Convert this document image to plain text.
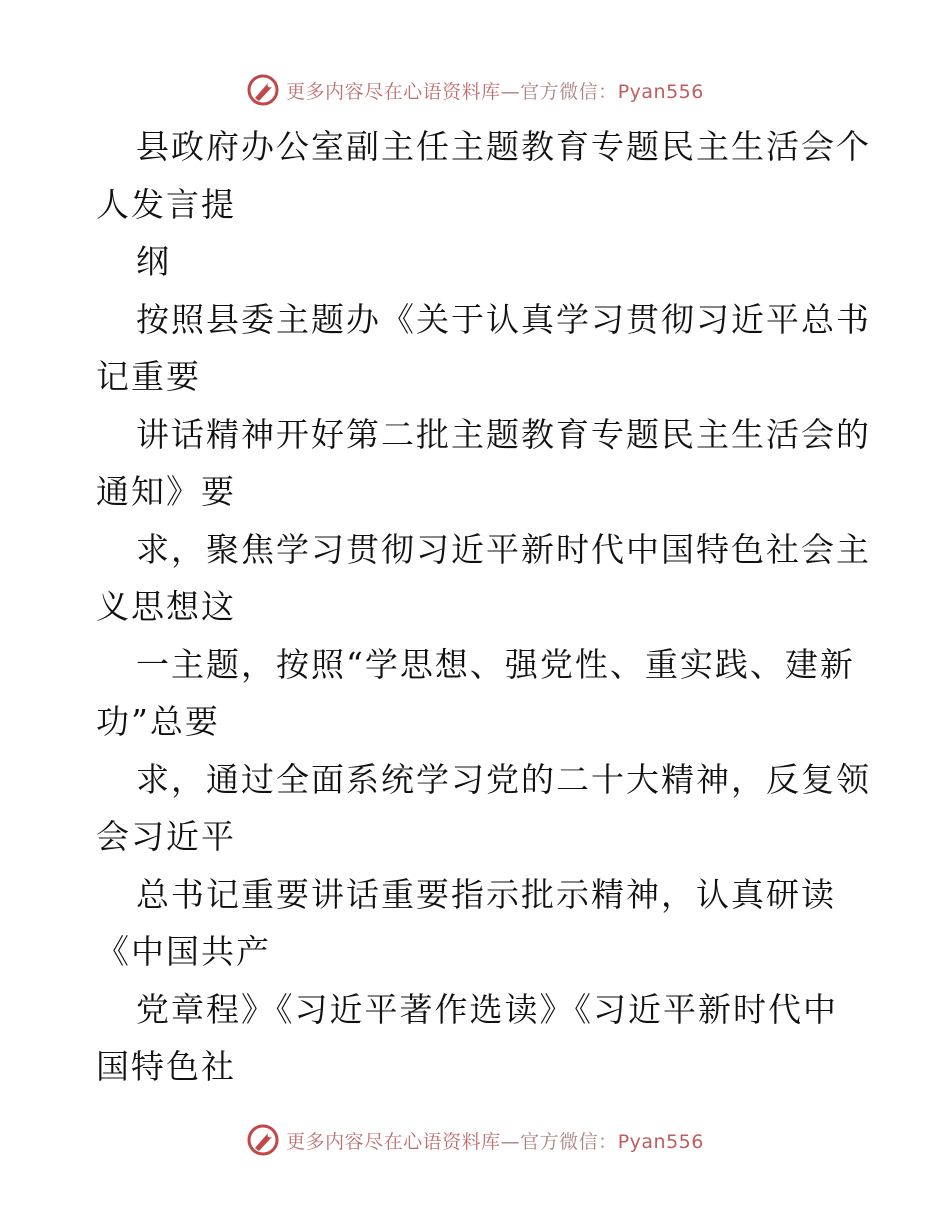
更多内容尽在心语资料库—官方微信：Pyan556
县政府办公室副主任主题教育专题民主生活会个
人发言提
纲
按照县委主题办《关于认真学习贯彻习近平总书
记重要
讲话精神开好第二批主题教育专题民主生活会的
通知》要
求，聚焦学习贯彻习近平新时代中国特色社会主
义思想这
一主题，按照“学思想、强党性、重实践、建新
功”总要
求，通过全面系统学习党的二十大精神，反复领
会习近平
总书记重要讲话重要指示批示精神，认真研读
《中国共产
党章程》《习近平著作选读》《习近平新时代中
国特色社
更多内容尽在心语资料库—官方微信：Pyan556
